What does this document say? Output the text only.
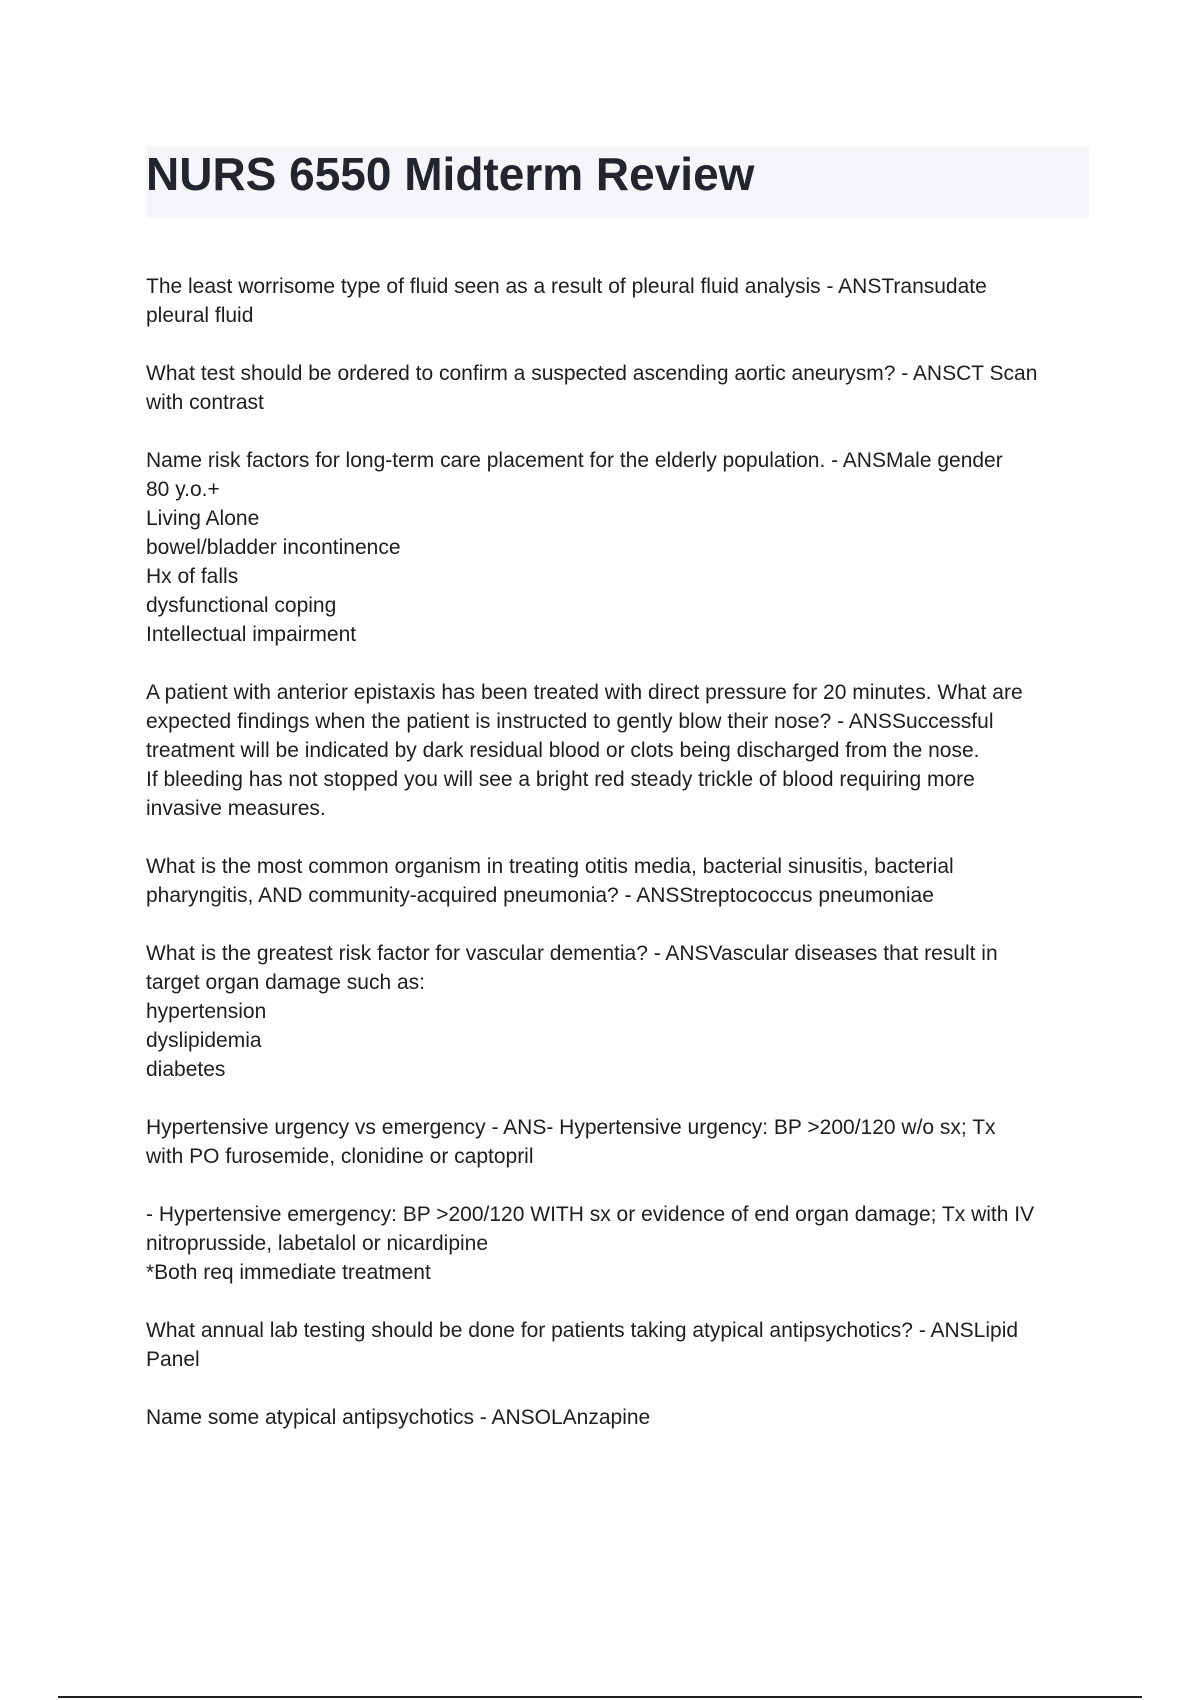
NURS 6550 Midterm Review
The least worrisome type of fluid seen as a result of pleural fluid analysis - ANSTransudate
pleural fluid
What test should be ordered to confirm a suspected ascending aortic aneurysm? - ANSCT Scan
with contrast
Name risk factors for long-term care placement for the elderly population. - ANSMale gender
80 y.o.+
Living Alone
bowel/bladder incontinence
Hx of falls
dysfunctional coping
Intellectual impairment
A patient with anterior epistaxis has been treated with direct pressure for 20 minutes. What are
expected findings when the patient is instructed to gently blow their nose? - ANSSuccessful
treatment will be indicated by dark residual blood or clots being discharged from the nose.
If bleeding has not stopped you will see a bright red steady trickle of blood requiring more
invasive measures.
What is the most common organism in treating otitis media, bacterial sinusitis, bacterial
pharyngitis, AND community-acquired pneumonia? - ANSStreptococcus pneumoniae
What is the greatest risk factor for vascular dementia? - ANSVascular diseases that result in
target organ damage such as:
hypertension
dyslipidemia
diabetes
Hypertensive urgency vs emergency - ANS- Hypertensive urgency: BP >200/120 w/o sx; Tx
with PO furosemide, clonidine or captopril
- Hypertensive emergency: BP >200/120 WITH sx or evidence of end organ damage; Tx with IV
nitroprusside, labetalol or nicardipine
*Both req immediate treatment
What annual lab testing should be done for patients taking atypical antipsychotics? - ANSLipid
Panel
Name some atypical antipsychotics - ANSOLAnzapine
